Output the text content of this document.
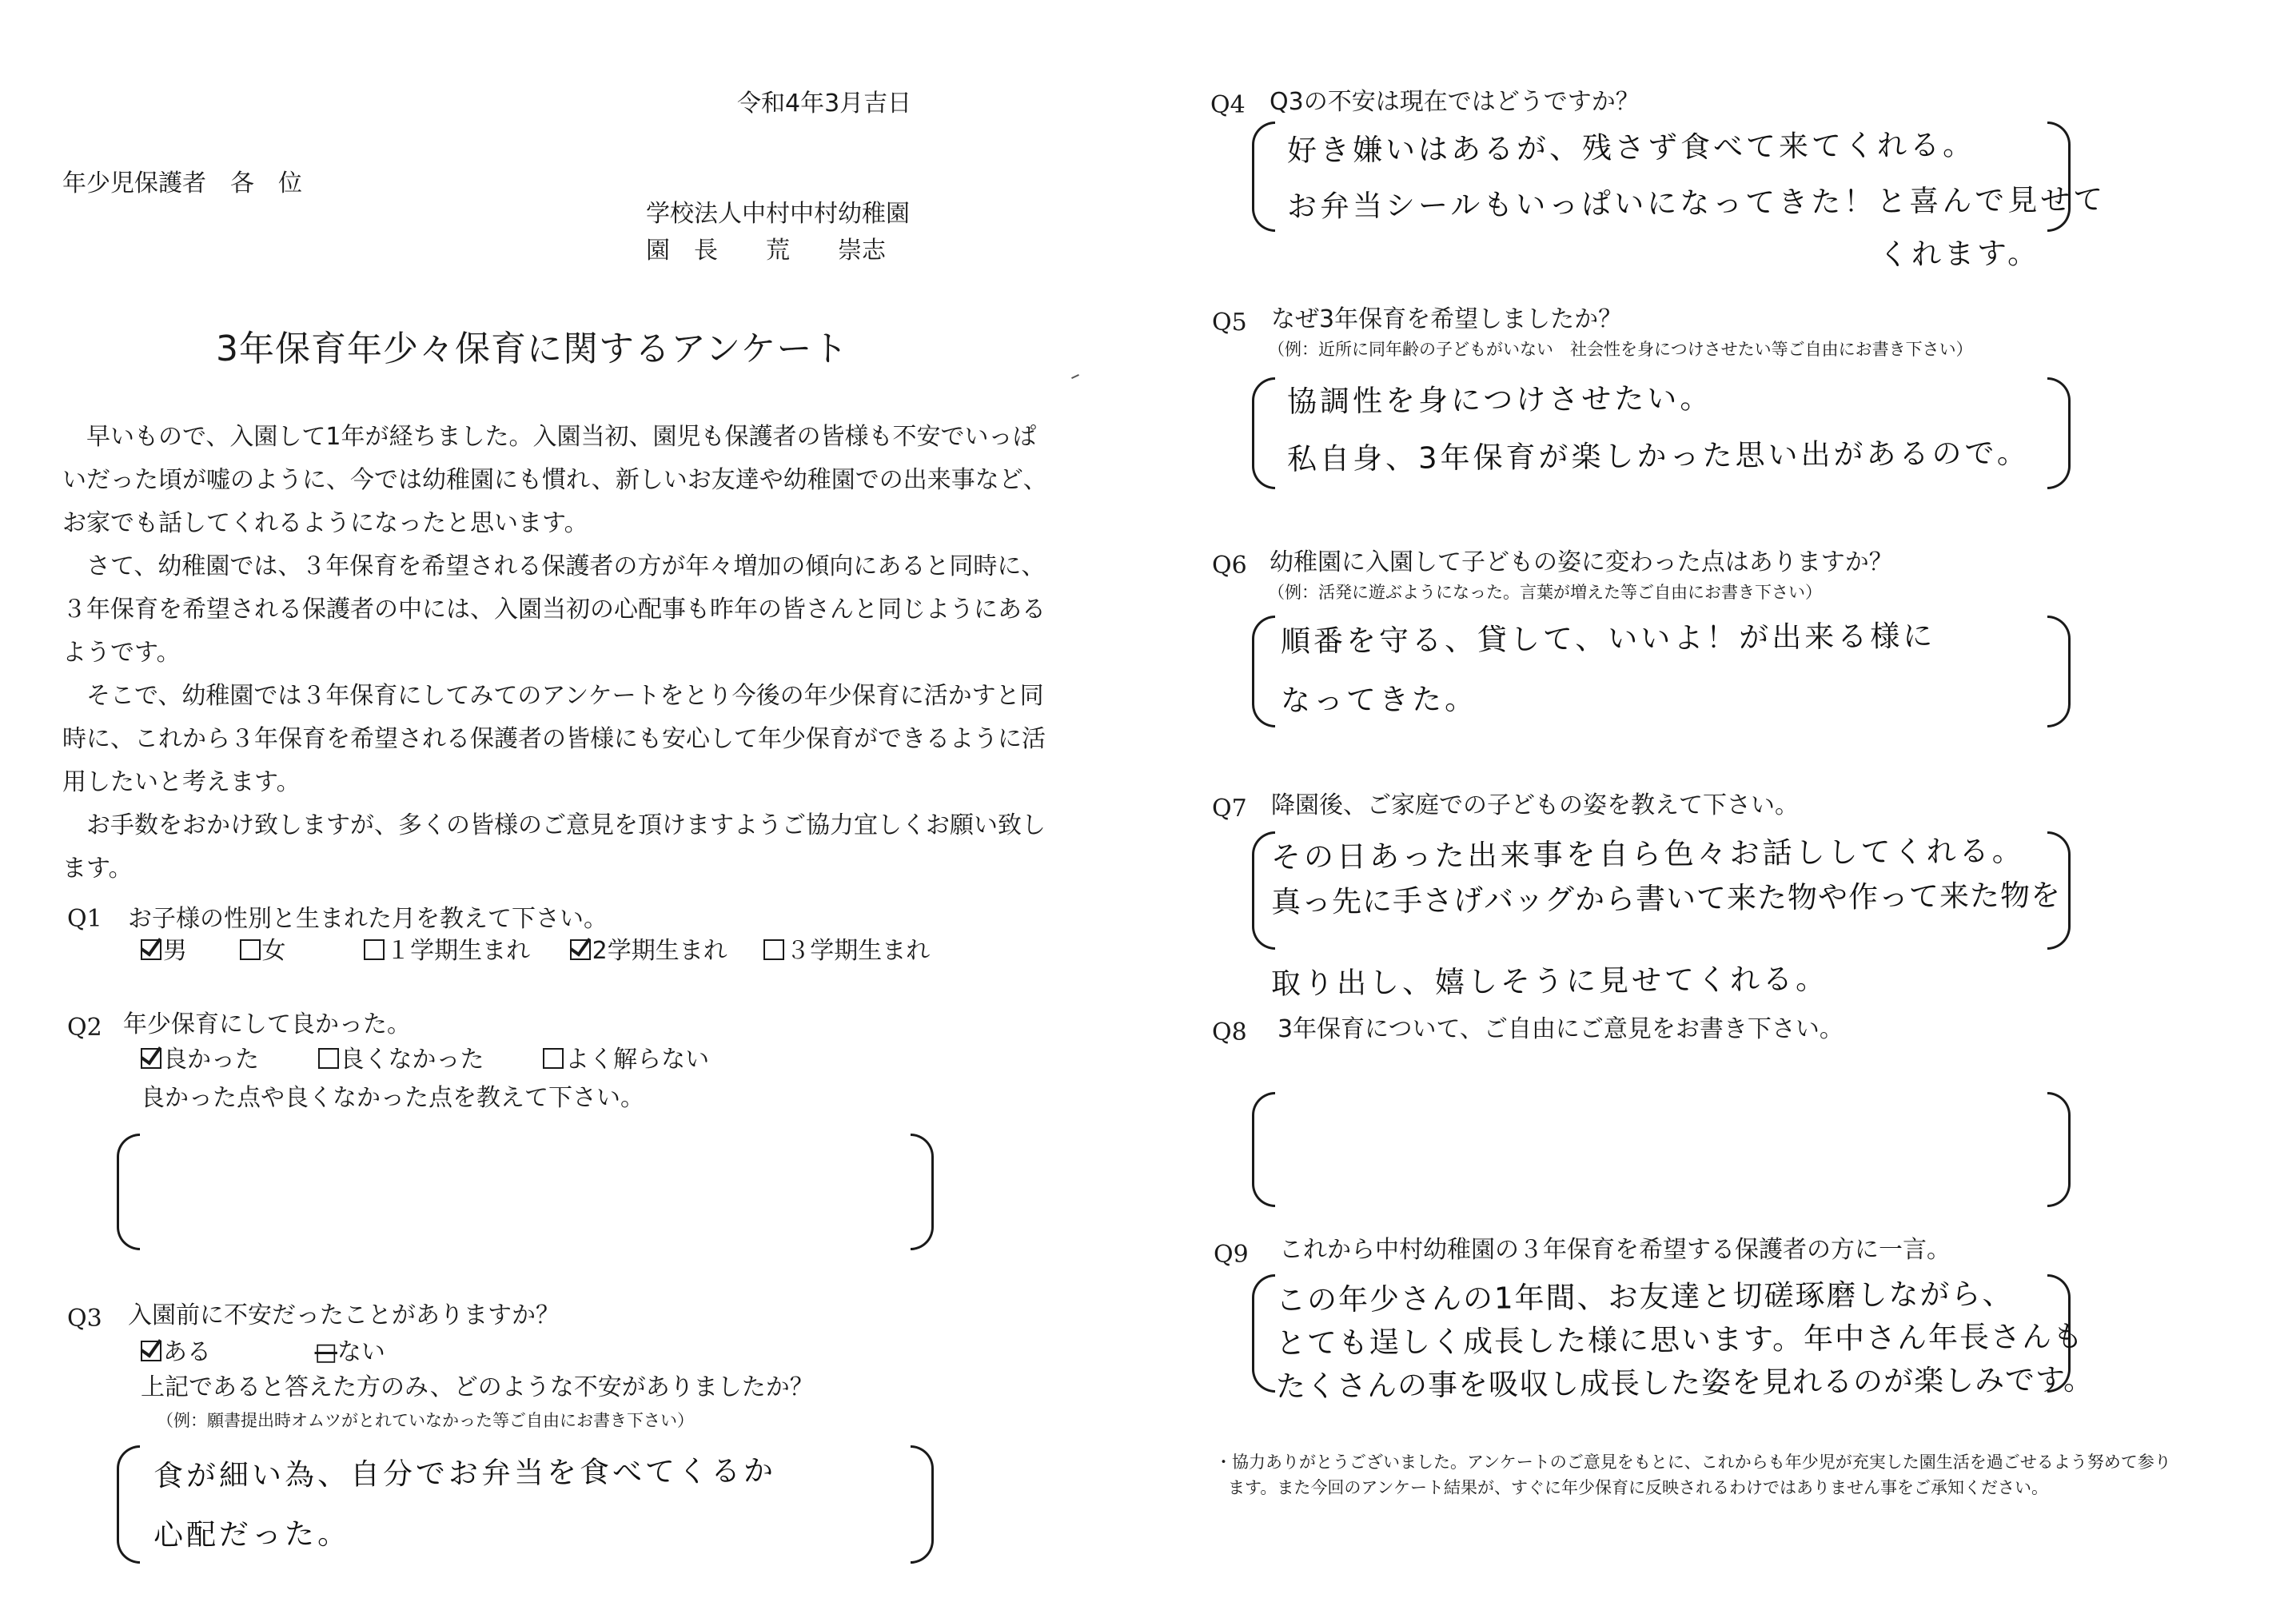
令和4年3月吉日
年少児保護者　各　位
学校法人中村中村幼稚園
園　長　　荒　　崇志
3年保育年少々保育に関するアンケート

早いもので、入園して1年が経ちました。入園当初、園児も保護者の皆様も不安でいっぱ

いだった頃が嘘のように、今では幼稚園にも慣れ、新しいお友達や幼稚園での出来事など、

お家でも話してくれるようになったと思います。

さて、幼稚園では、３年保育を希望される保護者の方が年々増加の傾向にあると同時に、

３年保育を希望される保護者の中には、入園当初の心配事も昨年の皆さんと同じようにある

ようです。

そこで、幼稚園では３年保育にしてみてのアンケートをとり今後の年少保育に活かすと同

時に、これから３年保育を希望される保護者の皆様にも安心して年少保育ができるように活

用したいと考えます。

お手数をおかけ致しますが、多くの皆様のご意見を頂けますようご協力宜しくお願い致し

ます。

Q1 お子様の性別と生まれた月を教えて下さい。
男	女	１学期生まれ	2学期生まれ ３学期生まれ
Q2 年少保育にして良かった。
良かった	良くなかった	よく解らない
良かった点や良くなかった点を教えて下さい。
Q3 入園前に不安だったことがありますか？
ある	□ない
上記であると答えた方のみ、どのような不安がありましたか？
（例：願書提出時オムツがとれていなかった等ご自由にお書き下さい）
食が細い為、自分でお弁当を食べてくるか
心配だった。
Q4 Q3の不安は現在ではどうですか？
好き嫌いはあるが、残さず食べて来てくれる。
お弁当シールもいっぱいになってきた！と喜んで見せて
くれます。
Q5 なぜ3年保育を希望しましたか？
（例：近所に同年齢の子どもがいない　社会性を身につけさせたい等ご自由にお書き下さい）
協調性を身につけさせたい。
私自身、3年保育が楽しかった思い出があるので。
Q6 幼稚園に入園して子どもの姿に変わった点はありますか？
（例：活発に遊ぶようになった。言葉が増えた等ご自由にお書き下さい）
順番を守る、貸して、いいよ！が出来る様に
なってきた。
Q7 降園後、ご家庭での子どもの姿を教えて下さい。
その日あった出来事を自ら色々お話ししてくれる。
真っ先に手さげバッグから書いて来た物や作って来た物を
取り出し、嬉しそうに見せてくれる。
Q8 3年保育について、ご自由にご意見をお書き下さい。
Q9 これから中村幼稚園の３年保育を希望する保護者の方に一言。
この年少さんの1年間、お友達と切磋琢磨しながら、
とても逞しく成長した様に思います。年中さん年長さんも
たくさんの事を吸収し成長した姿を見れるのが楽しみです。
・協力ありがとうございました。アンケートのご意見をもとに、これからも年少児が充実した園生活を過ごせるよう努めて参り
ます。また今回のアンケート結果が、すぐに年少保育に反映されるわけではありません事をご承知ください。
